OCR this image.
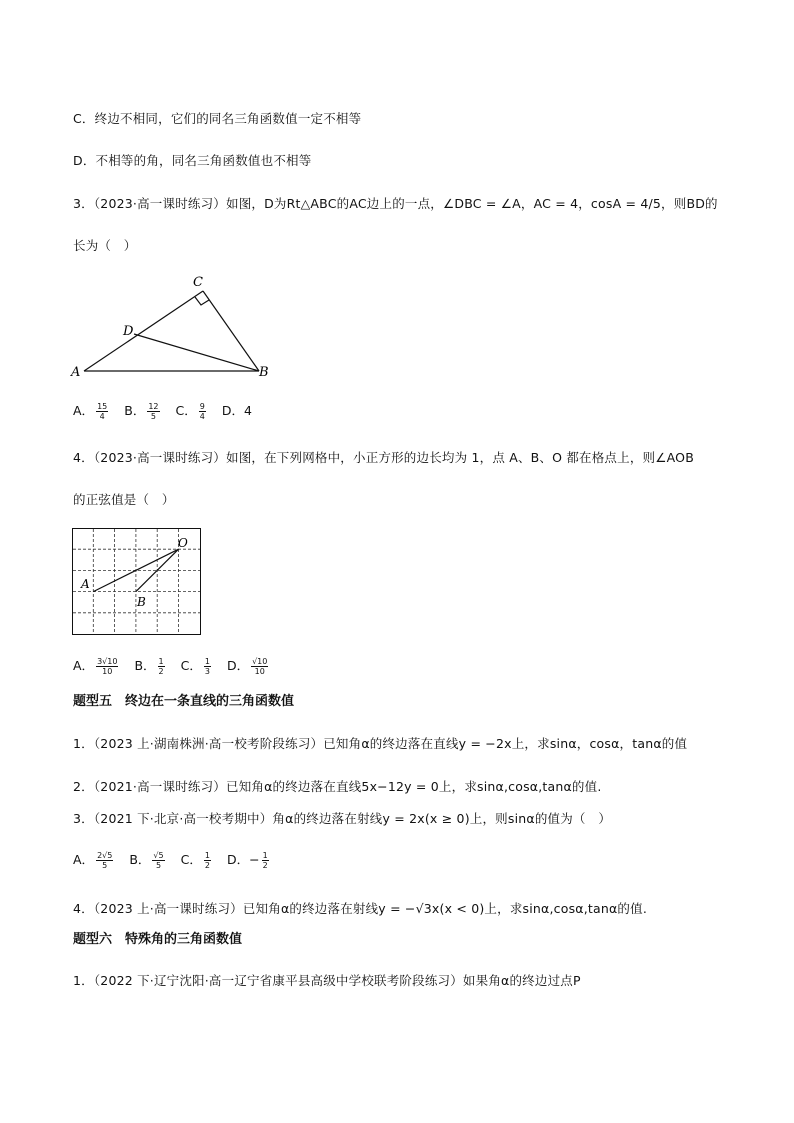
C．终边不相同，它们的同名三角函数值一定不相等
D．不相等的角，同名三角函数值也不相等
3．（2023·高一课时练习）如图，D为Rt△ABC的AC边上的一点，∠DBC = ∠A，AC = 4，cosA = 4/5，则BD的
长为（　）
A	B
C
D
A． $\frac{15}{4}$ B． $\frac{12}{5}$ C． $\frac{9}{4}$ D．4
4．（2023·高一课时练习）如图，在下列网格中，小正方形的边长均为 1，点 A、B、O 都在格点上，则∠AOB
的正弦值是（　）
O
A
B
A． $\frac{3√10}{10}$ B． $\frac{1}{2}$ C． $\frac{1}{3}$ D． $\frac{√10}{10}$
题型五　终边在一条直线的三角函数值
1．（2023 上·湖南株洲·高一校考阶段练习）已知角α的终边落在直线y = −2x上，求sinα，cosα，tanα的值
2．（2021·高一课时练习）已知角α的终边落在直线5x−12y = 0上，求sinα,cosα,tanα的值.
3．（2021 下·北京·高一校考期中）角α的终边落在射线y = 2x(x ≥ 0)上，则sinα的值为（　）
A． $\frac{2√5}{5}$ B． $\frac{√5}{5}$ C． $\frac{1}{2}$ D．− $\frac{1}{2}$
4．（2023 上·高一课时练习）已知角α的终边落在射线y = −√3x(x < 0)上，求sinα,cosα,tanα的值.
题型六　特殊角的三角函数值
1．（2022 下·辽宁沈阳·高一辽宁省康平县高级中学校联考阶段练习）如果角α的终边过点P
